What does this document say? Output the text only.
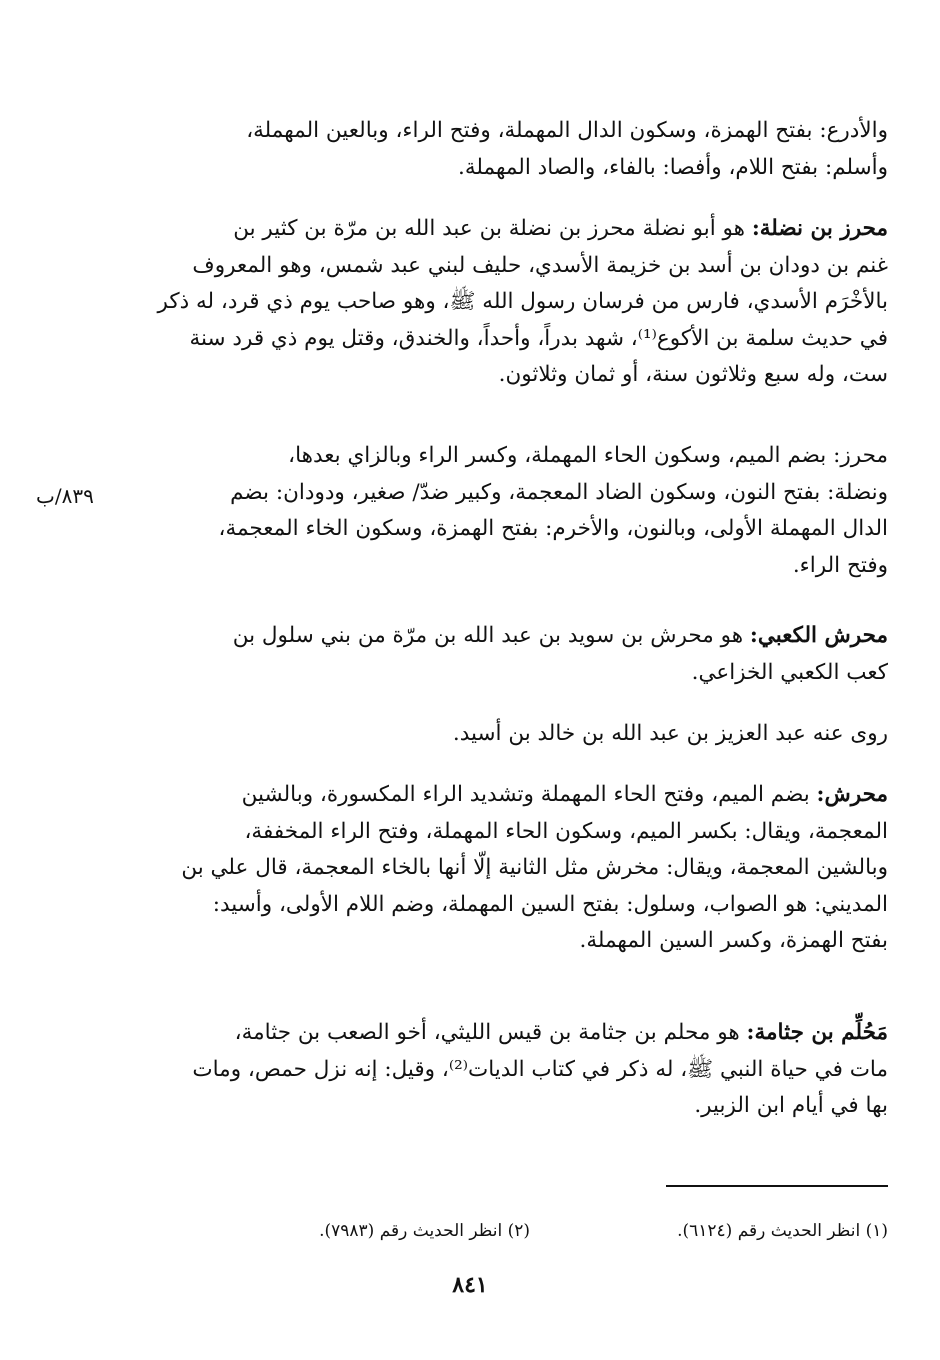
والأدرع: بفتح الهمزة، وسكون الدال المهملة، وفتح الراء، وبالعين المهملة،

وأسلم: بفتح اللام، وأفصا: بالفاء، والصاد المهملة.

محرز بن نضلة: هو أبو نضلة محرز بن نضلة بن عبد الله بن مرّة بن كثير بن

غنم بن دودان بن أسد بن خزيمة الأسدي، حليف لبني عبد شمس، وهو المعروف

بالأخْرَم الأسدي، فارس من فرسان رسول الله ﷺ، وهو صاحب يوم ذي قرد، له ذكر

في حديث سلمة بن الأكوع⁽¹⁾، شهد بدراً، وأحداً، والخندق، وقتل يوم ذي قرد سنة

ست، وله سبع وثلاثون سنة، أو ثمان وثلاثون.

محرز: بضم الميم، وسكون الحاء المهملة، وكسر الراء وبالزاي بعدها،

ونضلة: بفتح النون، وسكون الضاد المعجمة، وكبير ضدّ/ صغير، ودودان: بضم

الدال المهملة الأولى، وبالنون، والأخرم: بفتح الهمزة، وسكون الخاء المعجمة،

وفتح الراء.

٨٣٩/ب

محرش الكعبي: هو محرش بن سويد بن عبد الله بن مرّة من بني سلول بن

كعب الكعبي الخزاعي.

روى عنه عبد العزيز بن عبد الله بن خالد بن أسيد.

محرش: بضم الميم، وفتح الحاء المهملة وتشديد الراء المكسورة، وبالشين

المعجمة، ويقال: بكسر الميم، وسكون الحاء المهملة، وفتح الراء المخففة،

وبالشين المعجمة، ويقال: مخرش مثل الثانية إلّا أنها بالخاء المعجمة، قال علي بن

المديني: هو الصواب، وسلول: بفتح السين المهملة، وضم اللام الأولى، وأسيد:

بفتح الهمزة، وكسر السين المهملة.

مَحُلِّم بن جثامة: هو محلم بن جثامة بن قيس الليثي، أخو الصعب بن جثامة،

مات في حياة النبي ﷺ، له ذكر في كتاب الديات⁽²⁾، وقيل: إنه نزل حمص، ومات

بها في أيام ابن الزبير.

(١) انظر الحديث رقم (٦١٢٤).
(٢) انظر الحديث رقم (٧٩٨٣).
٨٤١
